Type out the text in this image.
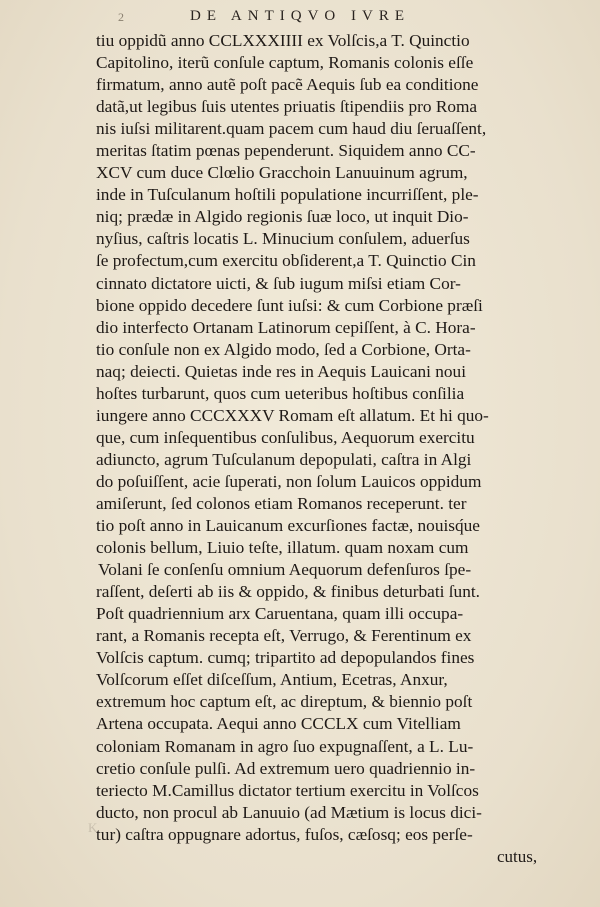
2	DE ANTIQVO IVRE
tiu oppidũ anno CCLXXXIIII ex Volſcis,a T. Quinctio
Capitolino, iterũ conſule captum, Romanis colonis eſſe
firmatum, anno autẽ poſt pacẽ Aequis ſub ea conditione
datã,ut legibus ſuis utentes priuatis ſtipendiis pro Roma
nis iuſsi militarent.quam pacem cum haud diu ſeruaſſent,
meritas ſtatim pœnas pependerunt. Siquidem anno CC-
XCV cum duce Clœlio Gracchoin Lanuuinum agrum,
inde in Tuſculanum hoſtili populatione incurriſſent, ple-
niq; prædæ in Algido regionis ſuæ loco, ut inquit Dio-
nyſius, caſtris locatis L. Minucium conſulem, aduerſus
ſe profectum,cum exercitu obſiderent,a T. Quinctio Cin
cinnato dictatore uicti, & ſub iugum miſsi etiam Cor-
bione oppido decedere ſunt iuſsi: & cum Corbione præſi
dio interfecto Ortanam Latinorum cepiſſent, à C. Hora-
tio conſule non ex Algido modo, ſed a Corbione, Orta-
naq; deiecti. Quietas inde res in Aequis Lauicani noui
hoſtes turbarunt, quos cum ueteribus hoſtibus conſilia
iungere anno CCCXXXV Romam eſt allatum. Et hi quo-
que, cum inſequentibus conſulibus, Aequorum exercitu
adiuncto, agrum Tuſculanum depopulati, caſtra in Algi
do poſuiſſent, acie ſuperati, non ſolum Lauicos oppidum
amiſerunt, ſed colonos etiam Romanos receperunt. ter
tio poſt anno in Lauicanum excurſiones factæ, nouisq́ue
colonis bellum, Liuio teſte, illatum. quam noxam cum
Volani ſe conſenſu omnium Aequorum defenſuros ſpe-
raſſent, deſerti ab iis & oppido, & finibus deturbati ſunt.
Poſt quadriennium arx Caruentana, quam illi occupa-
rant, a Romanis recepta eſt, Verrugo, & Ferentinum ex
Volſcis captum. cumq; tripartito ad depopulandos fines
Volſcorum eſſet diſceſſum, Antium, Ecetras, Anxur,
extremum hoc captum eſt, ac direptum, & biennio poſt
Artena occupata. Aequi anno CCCLX cum Vitelliam
coloniam Romanam in agro ſuo expugnaſſent, a L. Lu-
cretio conſule pulſi. Ad extremum uero quadriennio in-
teriecto M.Camillus dictator tertium exercitu in Volſcos
ducto, non procul ab Lanuuio (ad Mætium is locus dici-
tur) caſtra oppugnare adortus, fuſos, cæſosq; eos perſe-
K
cutus,
